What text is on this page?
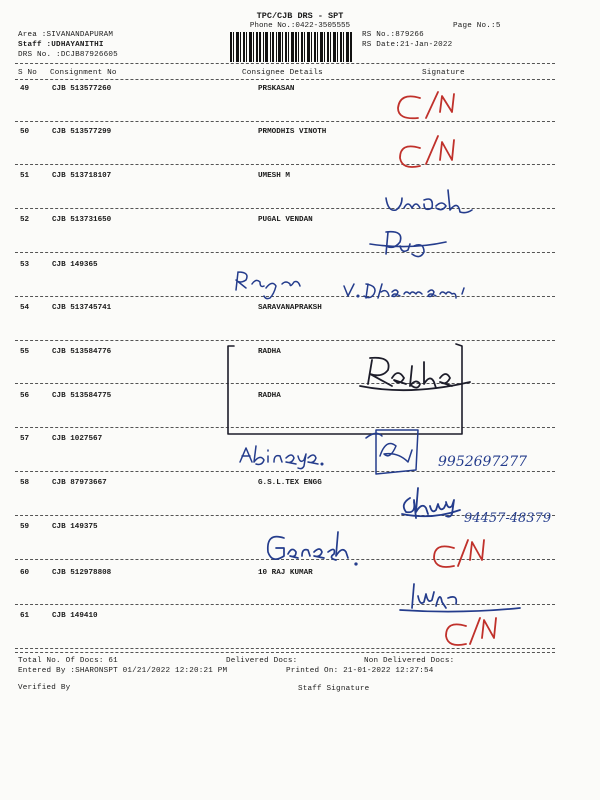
TPC/CJB DRS - SPT
Phone No.:0422-3505555	Page No.:5
Area :SIVANANDAPURAM
Staff :UDHAYANITHI
DRS No. :DCJB87926605
RS No.:879266
RS Date:21-Jan-2022
S No Consignment No	Consignee Details	Signature
49	CJB 513577260	PRSKASAN
50	CJB 513577299	PRMODHIS VINOTH
51	CJB 513718107	UMESH M
52	CJB 513731650	PUGAL VENDAN
53	CJB 149365
54	CJB 513745741	SARAVANAPRAKSH
55	CJB 513584776	RADHA
56	CJB 513584775	RADHA
57	CJB 1027567
58	CJB 87973667	G.S.L.TEX ENGG
59	CJB 149375
60	CJB 512978808	10 RAJ KUMAR
61	CJB 149410
9952697277
94457-48379
Total No. Of Docs: 61	Delivered Docs:	Non Delivered Docs:
Entered By :SHARONSPT 01/21/2022 12:20:21 PM	Printed On: 21-01-2022 12:27:54
Verified By	Staff Signature
